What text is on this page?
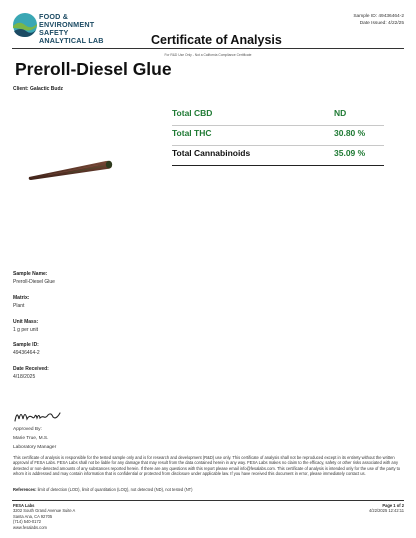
FOOD &
ENVIRONMENT
SAFETY
ANALYTICAL LAB
Sample ID: 49436464-2
Date Issued: 4/22/25
Certificate of Analysis
For R&D Use Only - Not a California Compliance Certificate
Preroll-Diesel Glue
Client: Galactic Budz
Total CBD	ND
Total THC	30.80 %
Total Cannabinoids	35.09 %
Sample Name:
Preroll-Diesel Glue
Matrix:
Plant
Unit Mass:
1 g per unit
Sample ID:
49436464-2
Date Received:
4/18/2025
Approved By:
Marie True, M.S.
Laboratory Manager
This certificate of analysis is responsible for the tested sample only and is for research and development (R&D) use only. This certificate of analysis shall not be reproduced except in its entirety without the written approval of FESA Labs. FESA Labs shall not be liable for any damage that may result from the data contained herein in any way. FESA Labs makes no claim to the efficacy, safety or other risks associated with any detected or non-detected amounts of any substances reported herein. If there are any questions with this report please email info@fesalabs.com. This certificate of analysis is intended only for the use of the party to whom it is addressed and may contain information that is confidential or protected from disclosure under applicable law. If you have received this document in error, please immediately contact us.
References: limit of detection (LOD), limit of quantitation (LOQ), not detected (ND), not tested (NT)
FESA Labs
3202 South Grand Avenue Suite A
Santa Ana, CA 92705
(714) 540-0172
www.fesalabs.com
Page 1 of 2
4/22/2025 12:42:11
